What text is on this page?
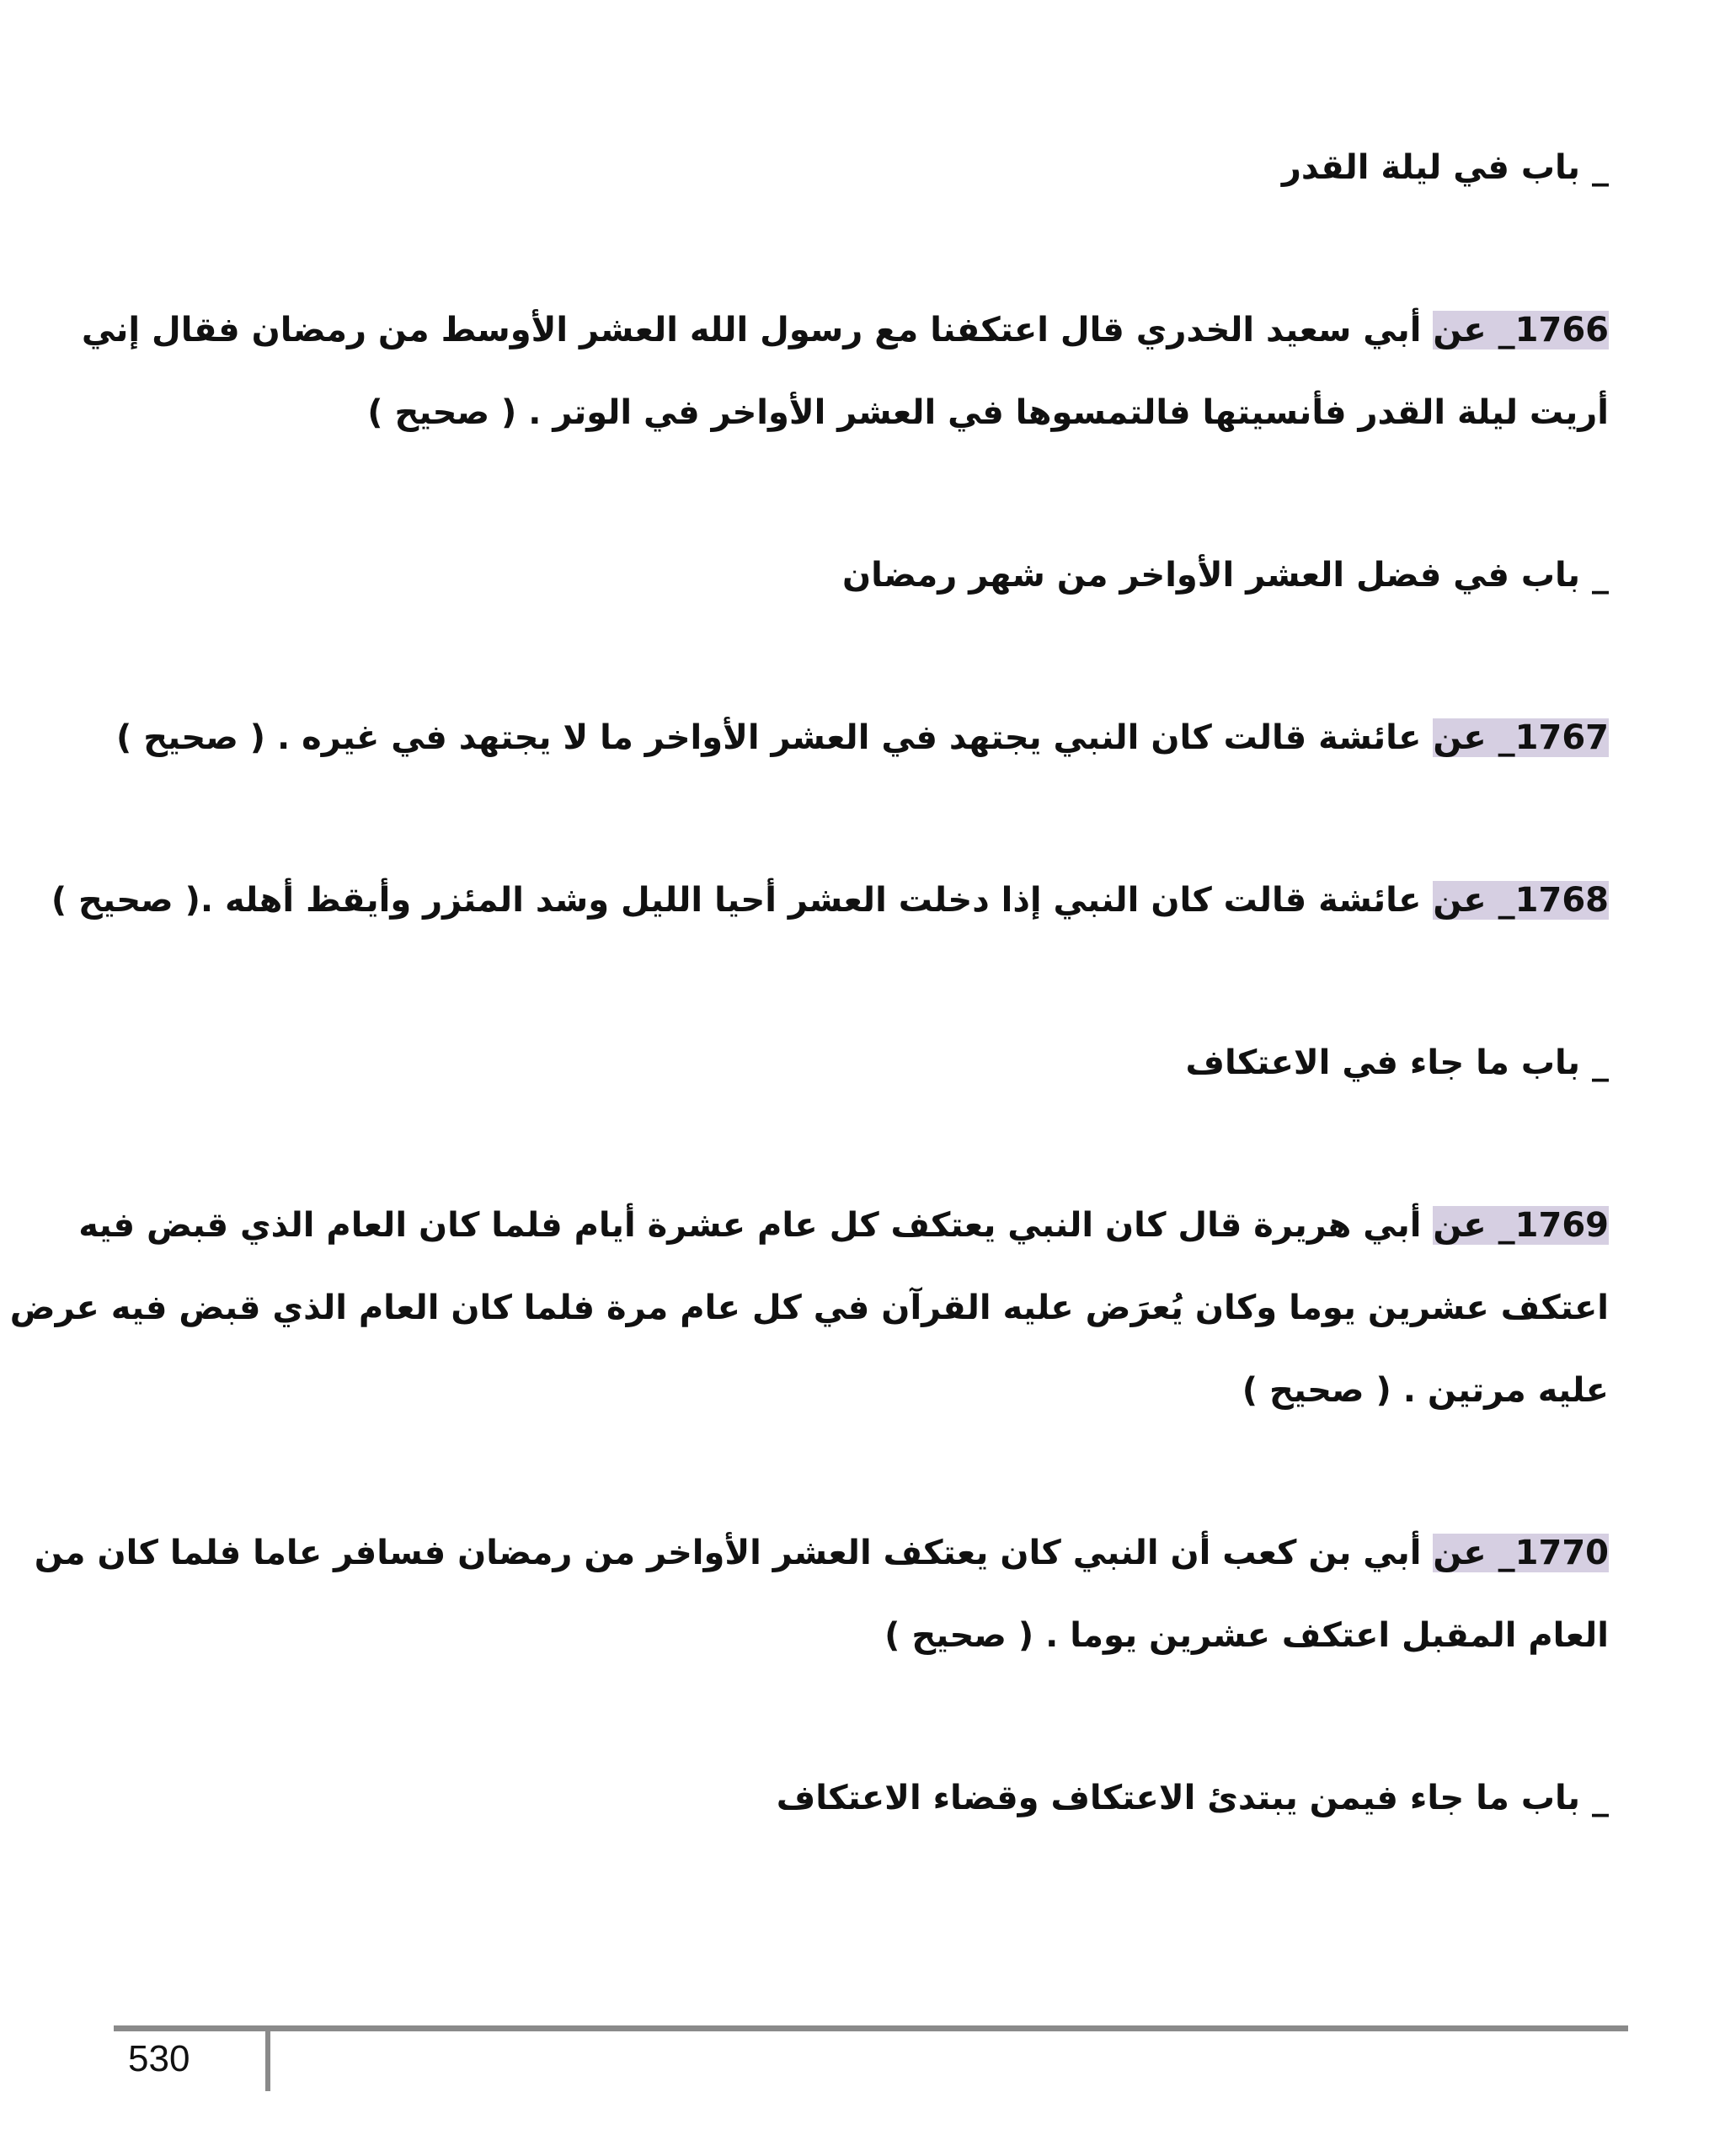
_ باب في ليلة القدر

1766_ عن أبي سعيد الخدري قال اعتكفنا مع رسول الله العشر الأوسط من رمضان فقال إني

أريت ليلة القدر فأنسيتها فالتمسوها في العشر الأواخر في الوتر . ( صحيح )

_ باب في فضل العشر الأواخر من شهر رمضان

1767_ عن عائشة قالت كان النبي يجتهد في العشر الأواخر ما لا يجتهد في غيره . ( صحيح )

1768_ عن عائشة قالت كان النبي إذا دخلت العشر أحيا الليل وشد المئزر وأيقظ أهله .( صحيح )

_ باب ما جاء في الاعتكاف

1769_ عن أبي هريرة قال كان النبي يعتكف كل عام عشرة أيام فلما كان العام الذي قبض فيه

اعتكف عشرين يوما وكان يُعرَض عليه القرآن في كل عام مرة فلما كان العام الذي قبض فيه عرض

عليه مرتين . ( صحيح )

1770_ عن أبي بن كعب أن النبي كان يعتكف العشر الأواخر من رمضان فسافر عاما فلما كان من

العام المقبل اعتكف عشرين يوما . ( صحيح )

_ باب ما جاء فيمن يبتدئ الاعتكاف وقضاء الاعتكاف

530
